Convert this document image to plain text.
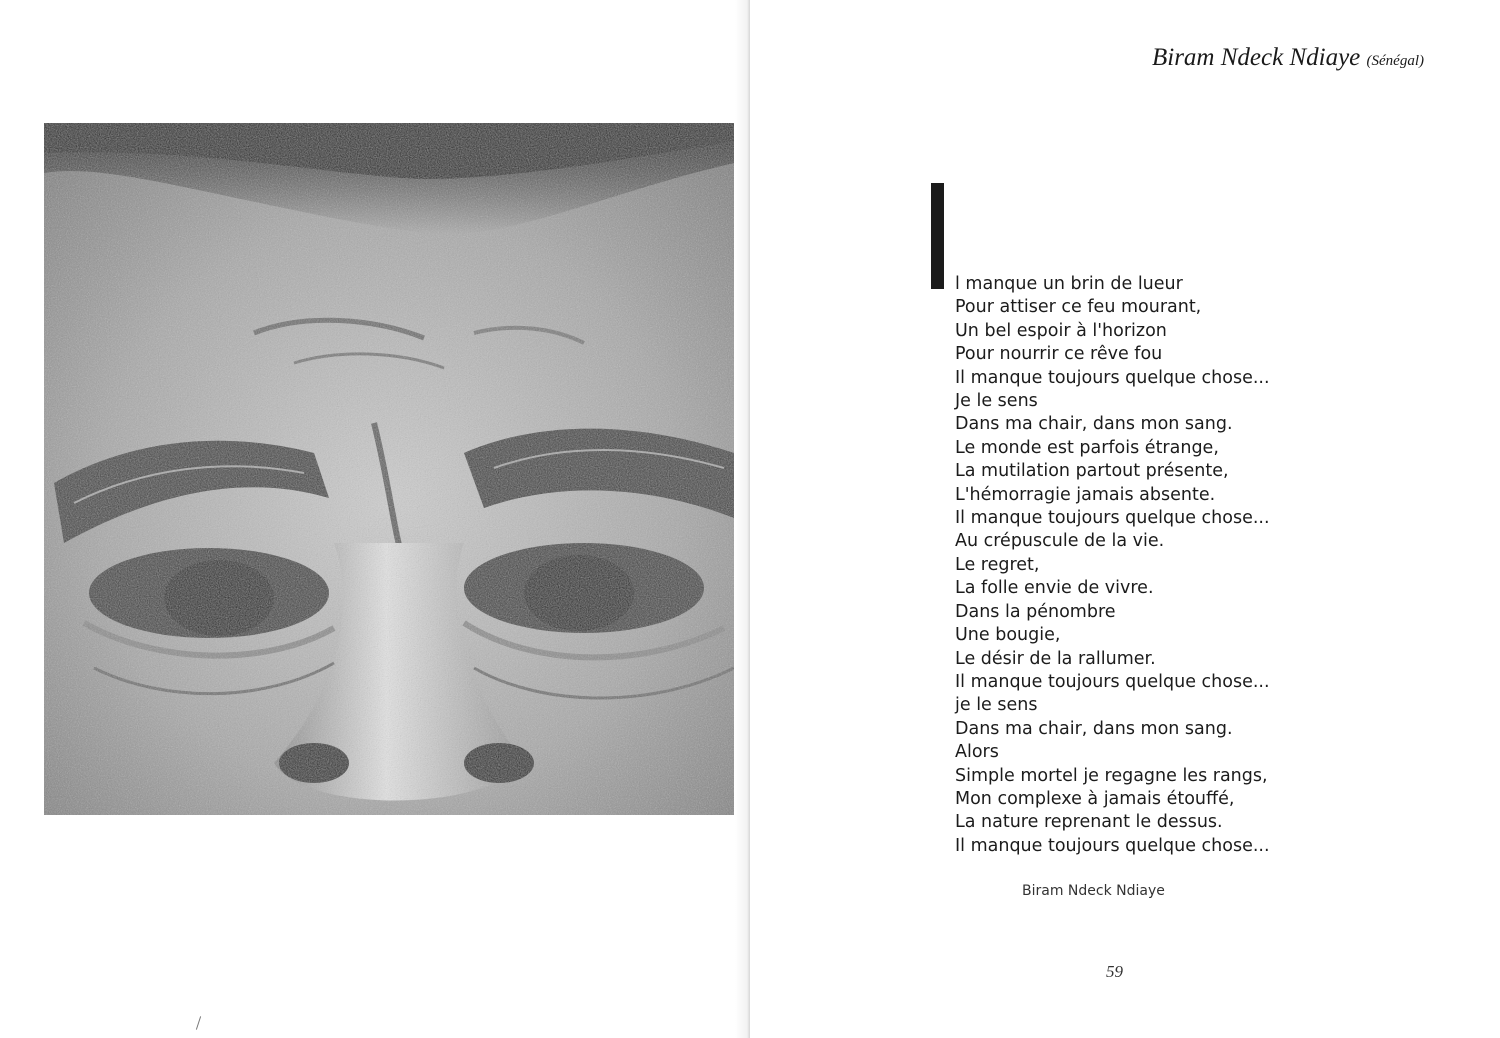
Biram Ndeck Ndiaye (Sénégal)
l manque un brin de lueur
Pour attiser ce feu mourant,
Un bel espoir à l'horizon
Pour nourrir ce rêve fou
Il manque toujours quelque chose...
Je le sens
Dans ma chair, dans mon sang.
Le monde est parfois étrange,
La mutilation partout présente,
L'hémorragie jamais absente.
Il manque toujours quelque chose...
Au crépuscule de la vie.
Le regret,
La folle envie de vivre.
Dans la pénombre
Une bougie,
Le désir de la rallumer.
Il manque toujours quelque chose...
je le sens
Dans ma chair, dans mon sang.
Alors
Simple mortel je regagne les rangs,
Mon complexe à jamais étouffé,
La nature reprenant le dessus.
Il manque toujours quelque chose...
Biram Ndeck Ndiaye
59
